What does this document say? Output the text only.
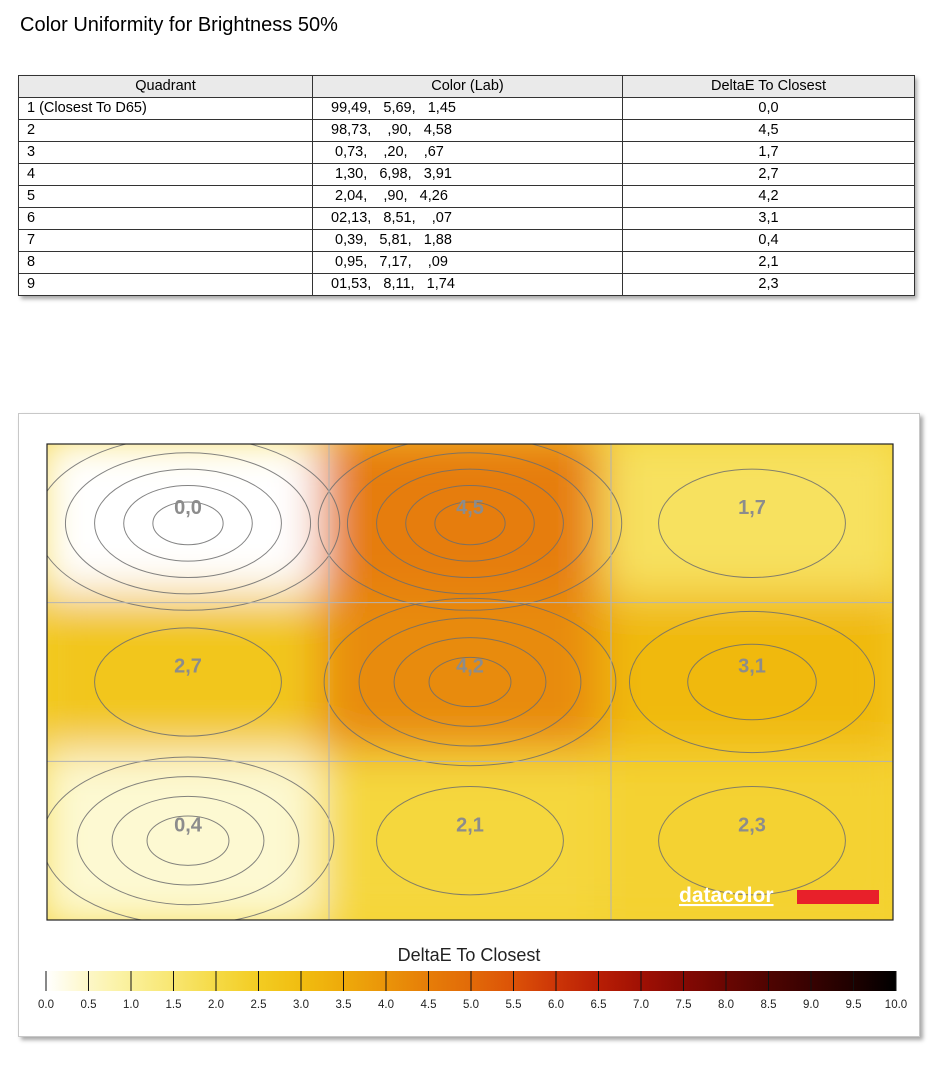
Color Uniformity for Brightness 50%
Quadrant	Color (Lab)	DeltaE To Closest
1 (Closest To D65)	99,49,   5,69,   1,45	0,0
2	98,73,    ,90,   4,58	4,5
3	0,73,    ,20,    ,67	1,7
4	1,30,   6,98,   3,91	2,7
5	2,04,    ,90,   4,26	4,2
6	02,13,   8,51,    ,07	3,1
7	0,39,   5,81,   1,88	0,4
8	0,95,   7,17,    ,09	2,1
9	01,53,   8,11,   1,74	2,3
0,0	4,5	1,7
2,7	4,2	3,1
0,4	2,1	2,3
datacolor
DeltaE To Closest
0.0 0.5 1.0 1.5 2.0 2.5 3.0 3.5 4.0 4.5 5.0 5.5 6.0 6.5 7.0 7.5 8.0 8.5 9.0 9.5 10.0
